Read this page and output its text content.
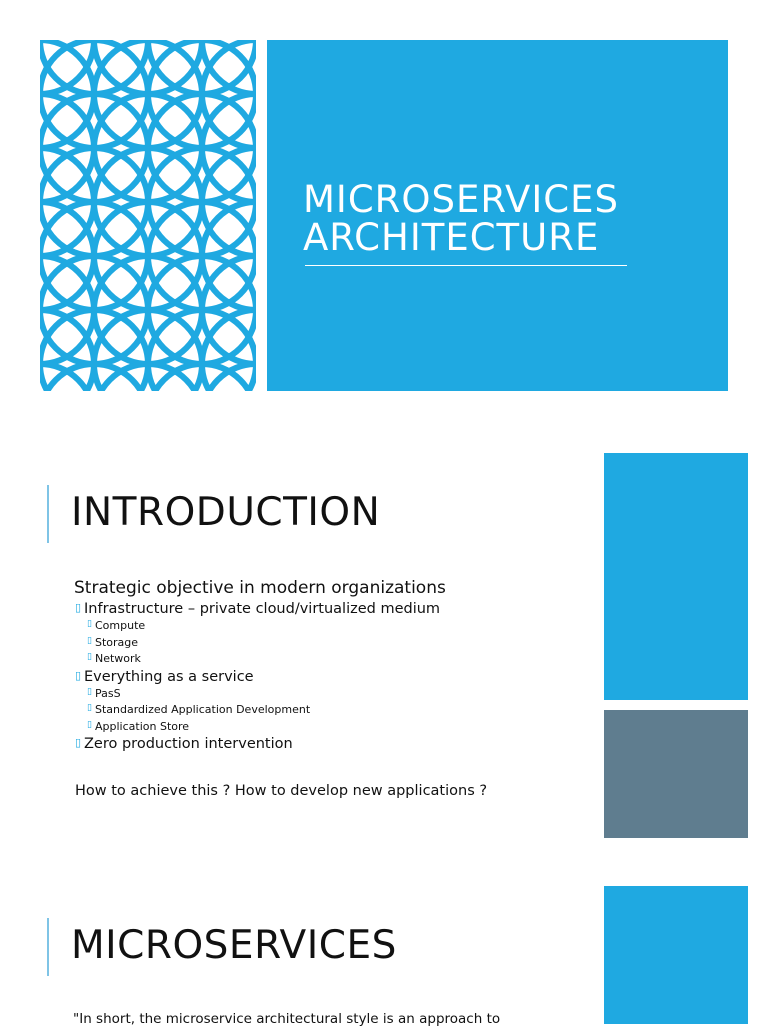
MICROSERVICES
ARCHITECTURE
INTRODUCTION
Strategic objective in modern organizations
▯ Infrastructure – private cloud/virtualized medium
▯ Compute
▯ Storage
▯ Network
▯ Everything as a service
▯ PasS
▯ Standardized Application Development
▯ Application Store
▯ Zero production intervention
How to achieve this ? How to develop new applications ?
MICROSERVICES
"In short, the microservice architectural style is an approach to
